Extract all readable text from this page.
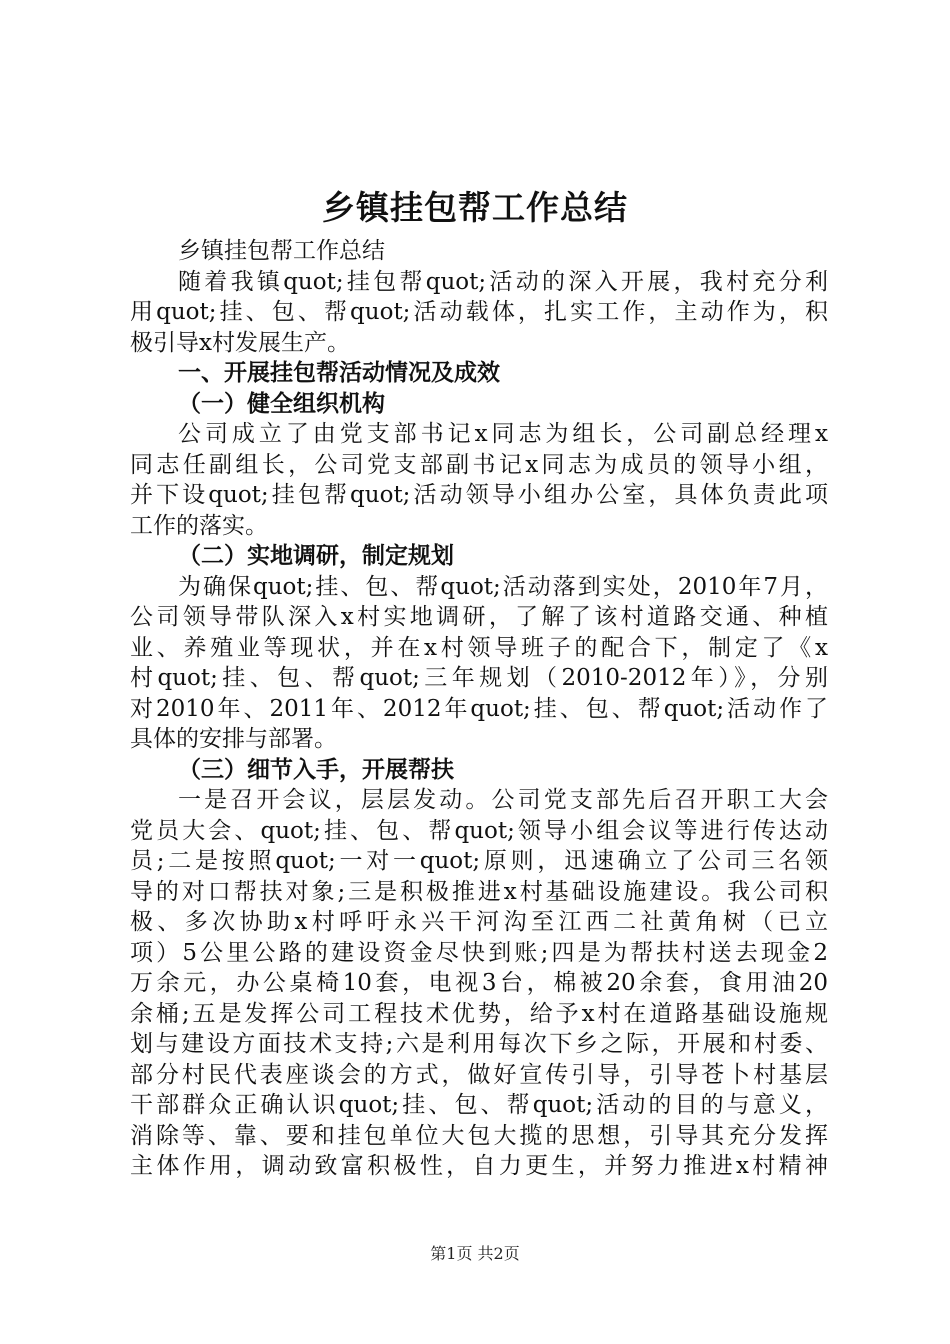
乡镇挂包帮工作总结
乡镇挂包帮工作总结
随着我镇quot;挂包帮quot;活动的深入开展，我村充分利
用quot;挂、包、帮quot;活动载体，扎实工作，主动作为，积
极引导x村发展生产。
一、开展挂包帮活动情况及成效
（一）健全组织机构
公司成立了由党支部书记x同志为组长，公司副总经理x
同志任副组长，公司党支部副书记x同志为成员的领导小组，
并下设quot;挂包帮quot;活动领导小组办公室，具体负责此项
工作的落实。
（二）实地调研，制定规划
为确保quot;挂、包、帮quot;活动落到实处，2010年7月，
公司领导带队深入x村实地调研，了解了该村道路交通、种植
业、养殖业等现状，并在x村领导班子的配合下，制定了《x
村quot;挂、包、帮quot;三年规划（2010-2012年）》，分别
对2010年、2011年、2012年quot;挂、包、帮quot;活动作了
具体的安排与部署。
（三）细节入手，开展帮扶
一是召开会议，层层发动。公司党支部先后召开职工大会
党员大会、quot;挂、包、帮quot;领导小组会议等进行传达动
员;二是按照quot;一对一quot;原则，迅速确立了公司三名领
导的对口帮扶对象;三是积极推进x村基础设施建设。我公司积
极、多次协助x村呼吁永兴干河沟至江西二社黄角树（已立
项）5公里公路的建设资金尽快到账;四是为帮扶村送去现金2
万余元，办公桌椅10套，电视3台，棉被20余套，食用油20
余桶;五是发挥公司工程技术优势，给予x村在道路基础设施规
划与建设方面技术支持;六是利用每次下乡之际，开展和村委、
部分村民代表座谈会的方式，做好宣传引导，引导苍卜村基层
干部群众正确认识quot;挂、包、帮quot;活动的目的与意义，
消除等、靠、要和挂包单位大包大揽的思想，引导其充分发挥
主体作用，调动致富积极性，自力更生，并努力推进x村精神
第1页 共2页
